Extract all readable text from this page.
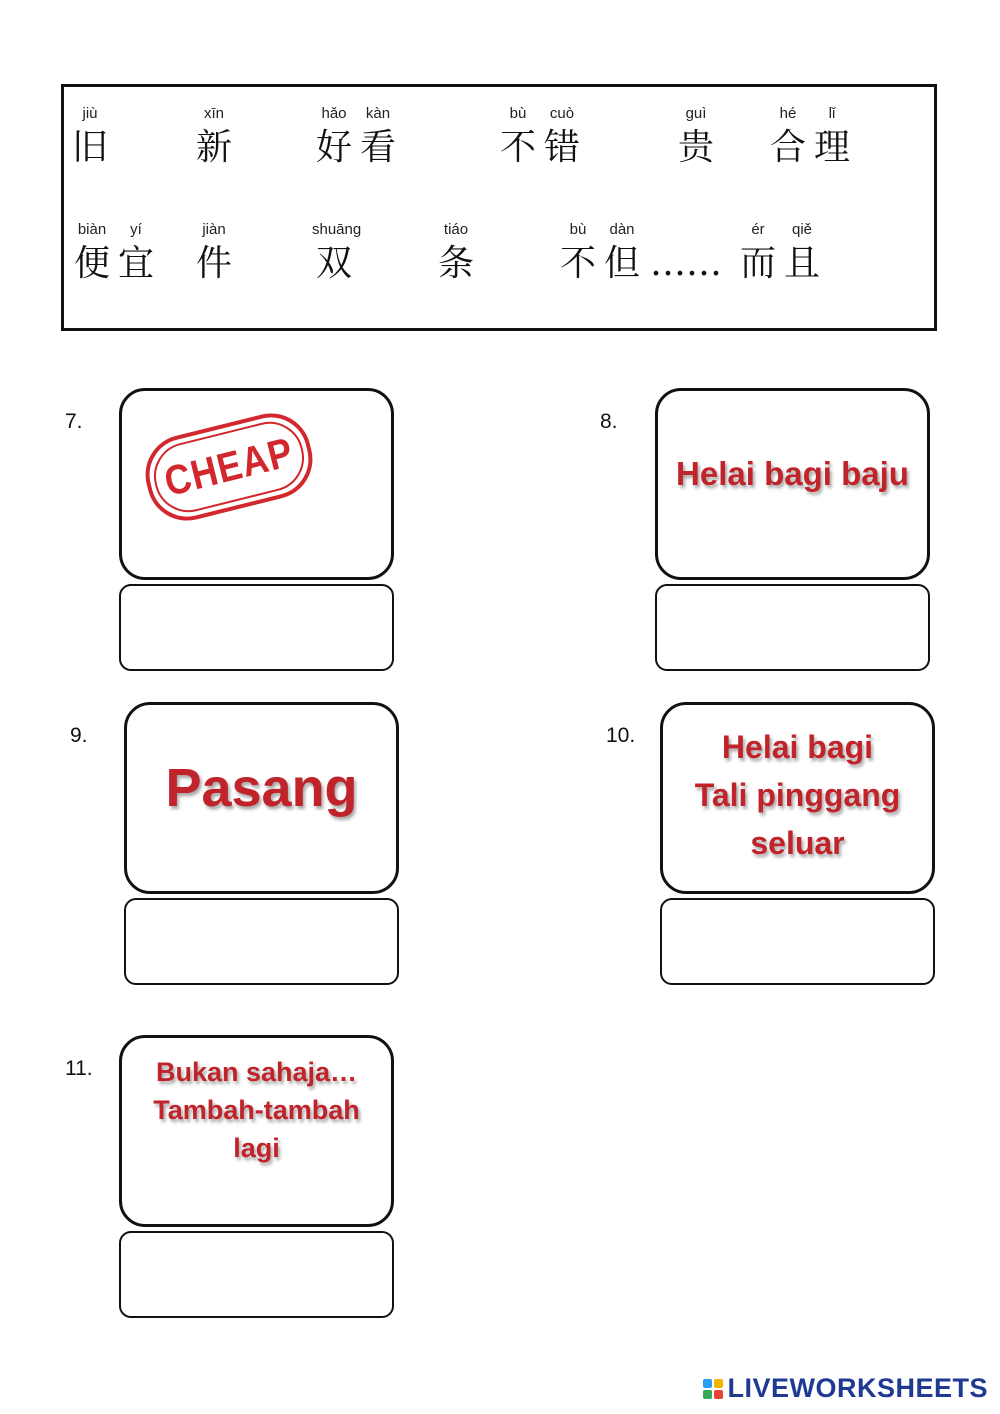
jiù
旧
xīn
新
hǎo
好
kàn
看
bù
不
cuò
错
guì
贵
hé
合
lǐ
理
biàn
便
yí
宜
jiàn
件
shuāng
双
tiáo
条
bù
不
dàn
但 ……
ér
而
qiě
且
7.
CHEAP
8.
Helai bagi baju
9.
Pasang
10.	Helai bagi
Tali pinggang
seluar
11. Bukan sahaja…
Tambah-tambah
lagi
LIVEWORKSHEETS
